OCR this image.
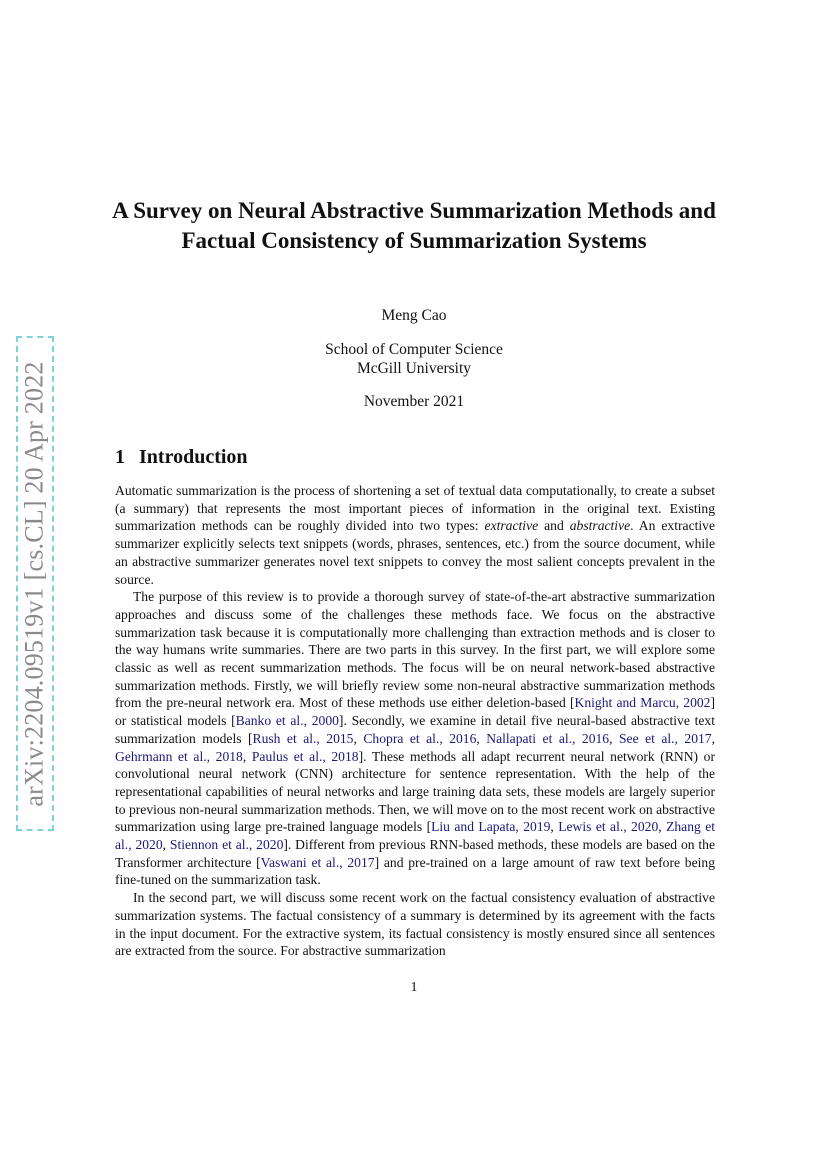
arXiv:2204.09519v1 [cs.CL] 20 Apr 2022
A Survey on Neural Abstractive Summarization Methods and Factual Consistency of Summarization Systems
Meng Cao
School of Computer Science
McGill University
November 2021
1 Introduction

Automatic summarization is the process of shortening a set of textual data computationally, to create a subset (a summary) that represents the most important pieces of information in the original text. Existing summarization methods can be roughly divided into two types: extractive and abstractive. An extractive summarizer explicitly selects text snippets (words, phrases, sentences, etc.) from the source document, while an abstractive summarizer generates novel text snippets to convey the most salient concepts prevalent in the source.

The purpose of this review is to provide a thorough survey of state-of-the-art abstractive summarization approaches and discuss some of the challenges these methods face. We focus on the abstractive summarization task because it is computationally more challenging than extraction methods and is closer to the way humans write summaries. There are two parts in this survey. In the first part, we will explore some classic as well as recent summarization methods. The focus will be on neural network-based abstractive summarization methods. Firstly, we will briefly review some non-neural abstractive summarization methods from the pre-neural network era. Most of these methods use either deletion-based [Knight and Marcu, 2002] or statistical models [Banko et al., 2000]. Secondly, we examine in detail five neural-based abstractive text summarization models [Rush et al., 2015, Chopra et al., 2016, Nallapati et al., 2016, See et al., 2017, Gehrmann et al., 2018, Paulus et al., 2018]. These methods all adapt recurrent neural network (RNN) or convolutional neural network (CNN) architecture for sentence representation. With the help of the representational capabilities of neural networks and large training data sets, these models are largely superior to previous non-neural summarization methods. Then, we will move on to the most recent work on abstractive summarization using large pre-trained language models [Liu and Lapata, 2019, Lewis et al., 2020, Zhang et al., 2020, Stiennon et al., 2020]. Different from previous RNN-based methods, these models are based on the Transformer architecture [Vaswani et al., 2017] and pre-trained on a large amount of raw text before being fine-tuned on the summarization task.

In the second part, we will discuss some recent work on the factual consistency evaluation of abstractive summarization systems. The factual consistency of a summary is determined by its agreement with the facts in the input document. For the extractive system, its factual consistency is mostly ensured since all sentences are extracted from the source. For abstractive summarization

1
